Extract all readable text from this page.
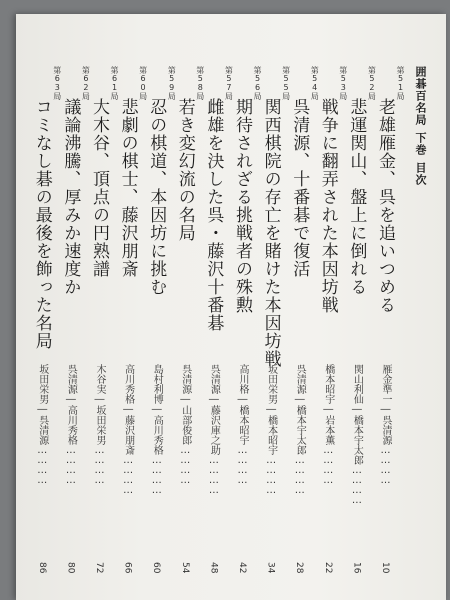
囲碁百名局下巻目次
第51局
老雄雁金、呉を追いつめる
雁金準一―呉清源…………
10
第52局
悲運関山、盤上に倒れる
関山利仙―橋本宇太郎…………
16
第53局
戦争に翻弄された本因坊戦
橋本昭宇―岩本薫…………
22
第54局
呉清源、十番碁で復活
呉清源―橋本宇太郎…………
28
第55局
関西棋院の存亡を賭けた本因坊戦
坂田栄男―橋本昭宇…………
34
第56局
期待されざる挑戦者の殊勲
高川格―橋本昭宇…………
42
第57局
雌雄を決した呉・藤沢十番碁
呉清源―藤沢庫之助…………
48
第58局
若き変幻流の名局
呉清源―山部俊郎…………
54
第59局
忍の棋道、本因坊に挑む
島村利博―高川秀格…………
60
第60局
悲劇の棋士、藤沢朋斎
高川秀格―藤沢朋斎…………
66
第61局
大木谷、頂点の円熟譜
木谷実―坂田栄男…………
72
第62局
議論沸騰、厚みか速度か
呉清源―高川秀格…………
80
第63局
コミなし碁の最後を飾った名局
坂田栄男―呉清源…………
86
